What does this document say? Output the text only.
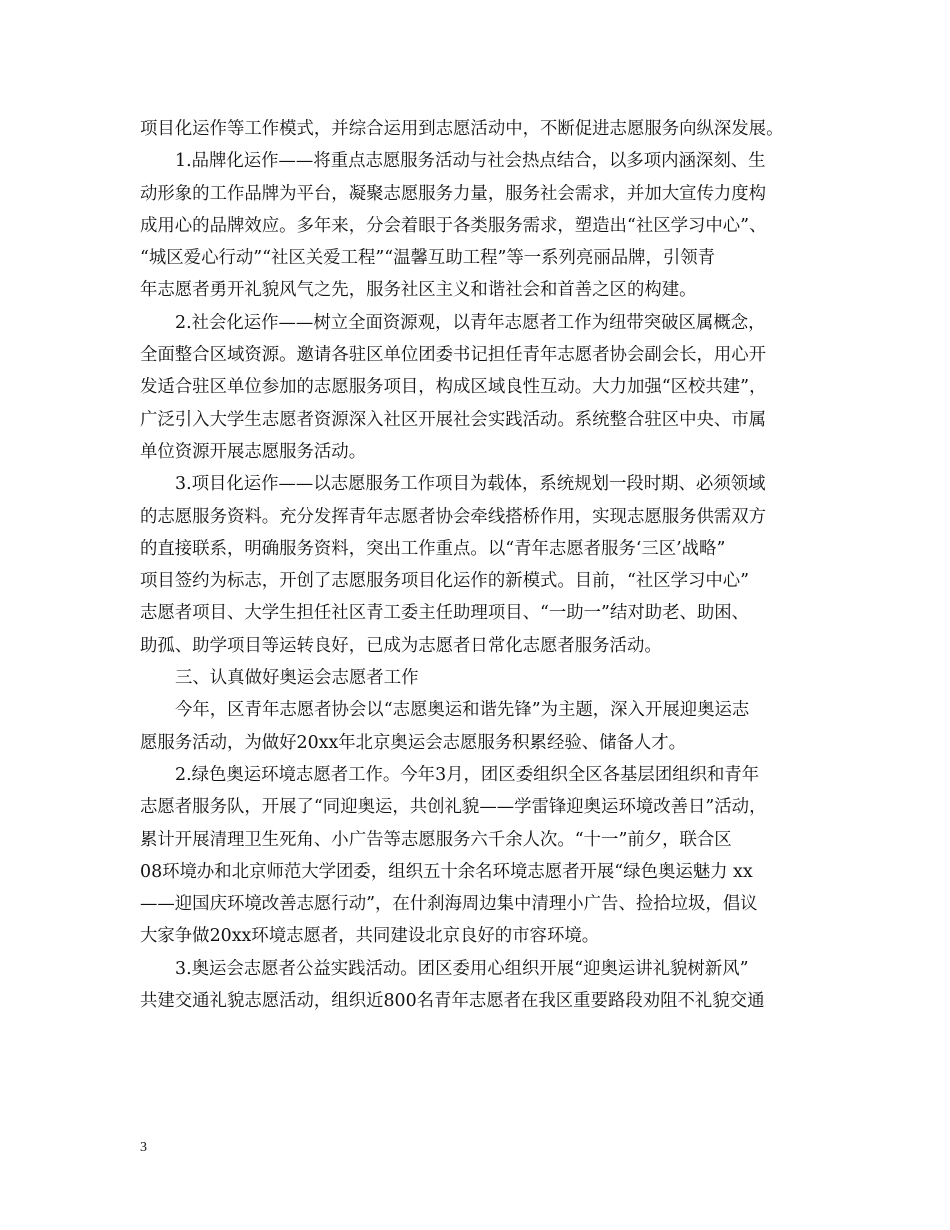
项目化运作等工作模式，并综合运用到志愿活动中，不断促进志愿服务向纵深发展。
1.品牌化运作——将重点志愿服务活动与社会热点结合，以多项内涵深刻、生
动形象的工作品牌为平台，凝聚志愿服务力量，服务社会需求，并加大宣传力度构
成用心的品牌效应。多年来，分会着眼于各类服务需求，塑造出“社区学习中心”、
“城区爱心行动”“社区关爱工程”“温馨互助工程”等一系列亮丽品牌，引领青
年志愿者勇开礼貌风气之先，服务社区主义和谐社会和首善之区的构建。
2.社会化运作——树立全面资源观，以青年志愿者工作为纽带突破区属概念，
全面整合区域资源。邀请各驻区单位团委书记担任青年志愿者协会副会长，用心开
发适合驻区单位参加的志愿服务项目，构成区域良性互动。大力加强“区校共建”，
广泛引入大学生志愿者资源深入社区开展社会实践活动。系统整合驻区中央、市属
单位资源开展志愿服务活动。
3.项目化运作——以志愿服务工作项目为载体，系统规划一段时期、必须领域
的志愿服务资料。充分发挥青年志愿者协会牵线搭桥作用，实现志愿服务供需双方
的直接联系，明确服务资料，突出工作重点。以“青年志愿者服务‘三区’战略”
项目签约为标志，开创了志愿服务项目化运作的新模式。目前，“社区学习中心”
志愿者项目、大学生担任社区青工委主任助理项目、“一助一”结对助老、助困、
助孤、助学项目等运转良好，已成为志愿者日常化志愿者服务活动。
三、认真做好奥运会志愿者工作
今年，区青年志愿者协会以“志愿奥运和谐先锋”为主题，深入开展迎奥运志
愿服务活动，为做好20xx年北京奥运会志愿服务积累经验、储备人才。
2.绿色奥运环境志愿者工作。今年3月，团区委组织全区各基层团组织和青年
志愿者服务队，开展了“同迎奥运，共创礼貌——学雷锋迎奥运环境改善日”活动，
累计开展清理卫生死角、小广告等志愿服务六千余人次。“十一”前夕，联合区
08环境办和北京师范大学团委，组织五十余名环境志愿者开展“绿色奥运魅力 xx
——迎国庆环境改善志愿行动”，在什刹海周边集中清理小广告、捡拾垃圾，倡议
大家争做20xx环境志愿者，共同建设北京良好的市容环境。
3.奥运会志愿者公益实践活动。团区委用心组织开展“迎奥运讲礼貌树新风”
共建交通礼貌志愿活动，组织近800名青年志愿者在我区重要路段劝阻不礼貌交通
3
